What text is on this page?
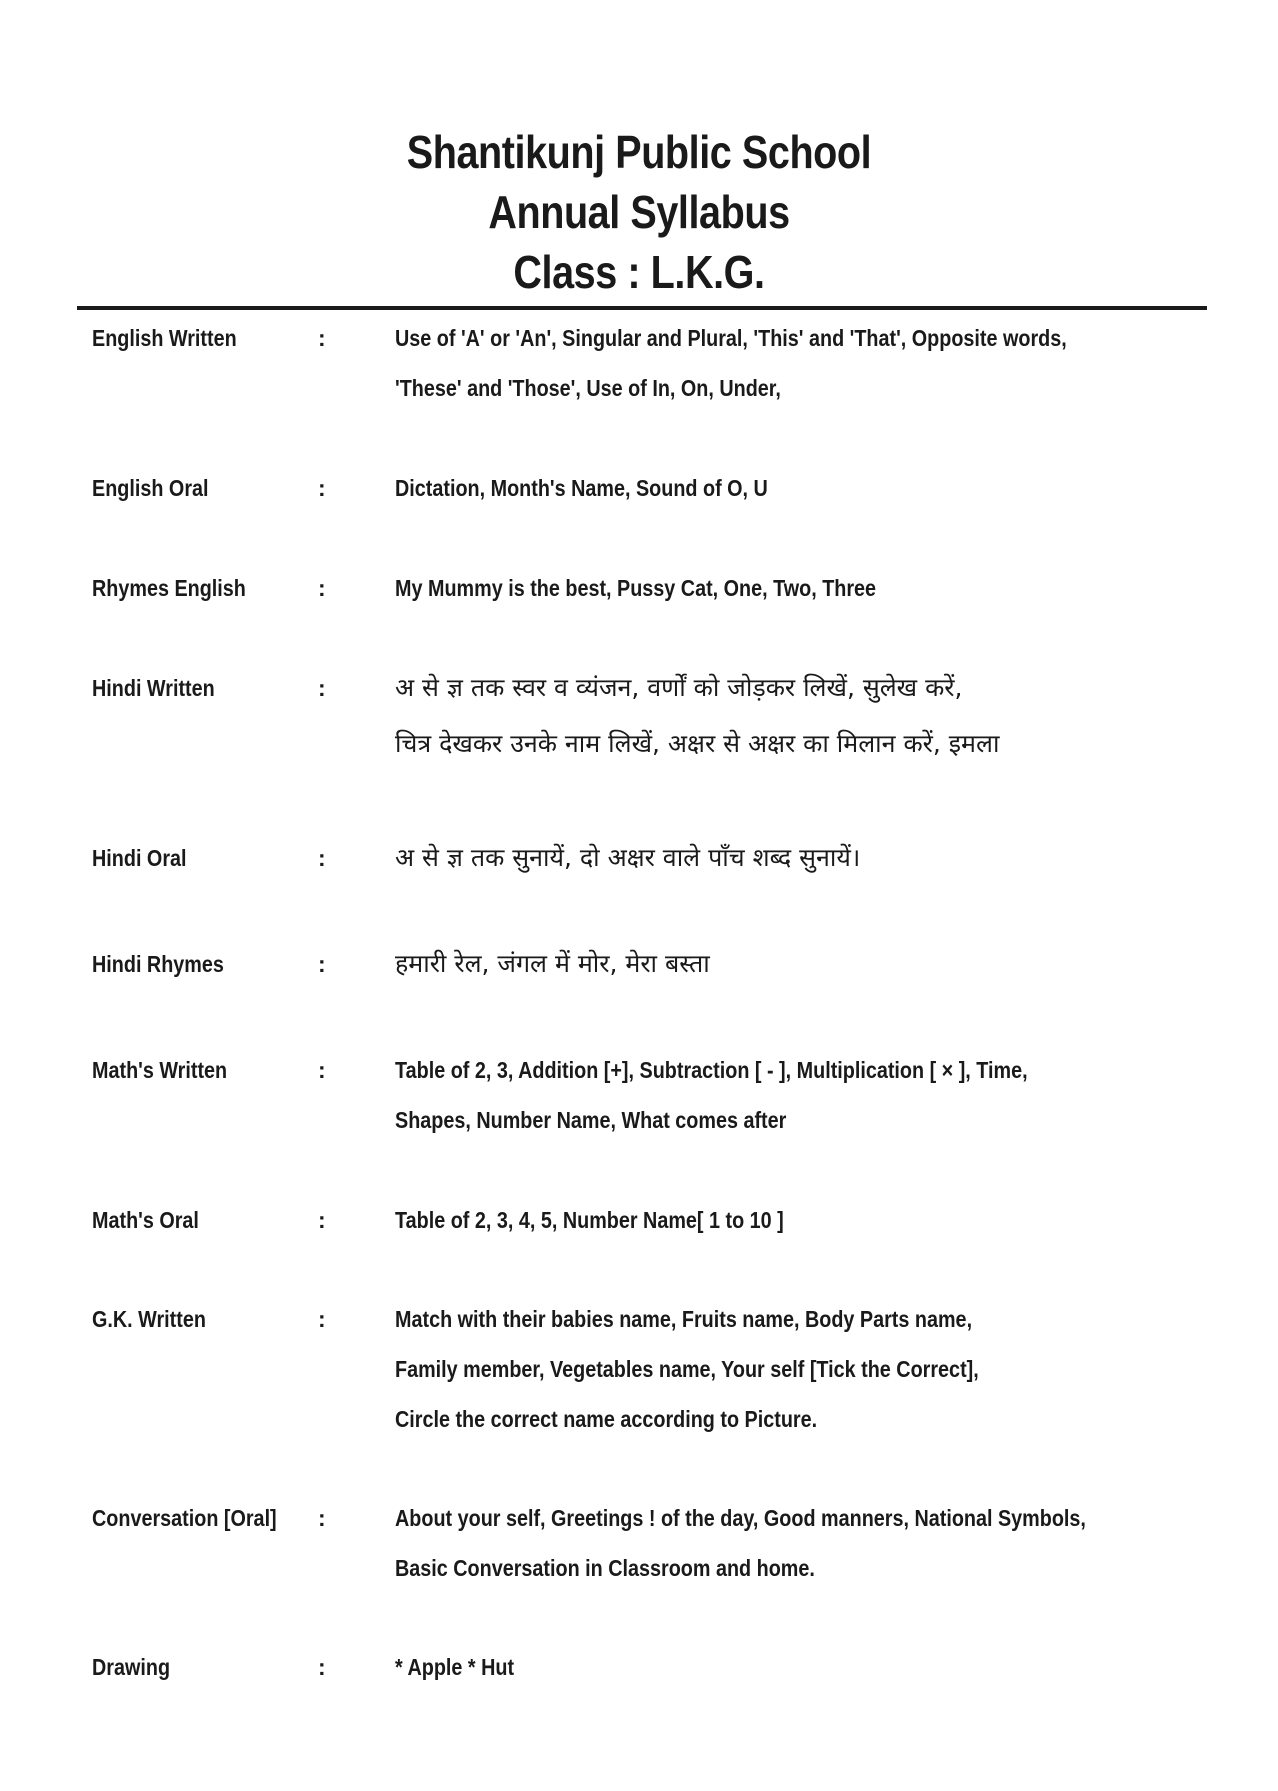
Shantikunj Public School
Annual Syllabus
Class : L.K.G.
English Written	:	Use of 'A' or 'An', Singular and Plural, 'This' and 'That', Opposite words,
'These' and 'Those', Use of In, On, Under,
English Oral	:	Dictation, Month's Name, Sound of O, U
Rhymes English	:	My Mummy is the best, Pussy Cat, One, Two, Three
Hindi Written	:	अ से ज्ञ तक स्वर व व्यंजन, वर्णों को जोड़कर लिखें, सुलेख करें,
चित्र देखकर उनके नाम लिखें, अक्षर से अक्षर का मिलान करें, इमला
Hindi Oral	:	अ से ज्ञ तक सुनायें, दो अक्षर वाले पाँच शब्द सुनायें।
Hindi Rhymes	:	हमारी रेल, जंगल में मोर, मेरा बस्ता
Math's Written	:	Table of 2, 3, Addition [+], Subtraction [ - ], Multiplication [ × ], Time,
Shapes, Number Name, What comes after
Math's Oral	:	Table of 2, 3, 4, 5, Number Name[ 1 to 10 ]
G.K. Written	:	Match with their babies name, Fruits name, Body Parts name,
Family member, Vegetables name, Your self [Tick the Correct],
Circle the correct name according to Picture.
Conversation [Oral] :	About your self, Greetings ! of the day, Good manners, National Symbols,
Basic Conversation in Classroom and home.
Drawing	:	* Apple * Hut
